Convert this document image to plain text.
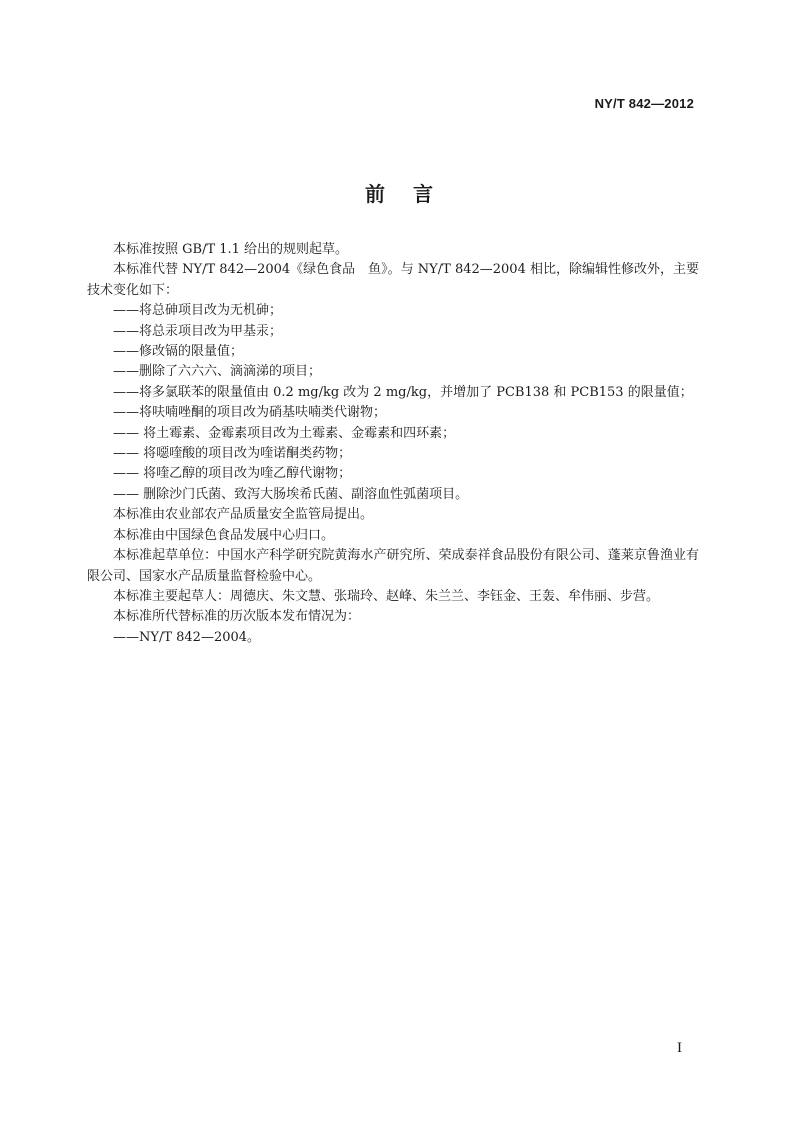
NY/T 842—2012
前言

本标准按照 GB/T 1.1 给出的规则起草。

本标准代替 NY/T 842—2004《绿色食品　鱼》。与 NY/T 842—2004 相比，除编辑性修改外，主要技术变化如下：

——将总砷项目改为无机砷；

——将总汞项目改为甲基汞；

——修改镉的限量值；

——删除了六六六、滴滴涕的项目；

——将多氯联苯的限量值由 0.2 mg/kg 改为 2 mg/kg，并增加了 PCB138 和 PCB153 的限量值；

——将呋喃唑酮的项目改为硝基呋喃类代谢物；

—— 将土霉素、金霉素项目改为土霉素、金霉素和四环素；

—— 将噁喹酸的项目改为喹诺酮类药物；

—— 将喹乙醇的项目改为喹乙醇代谢物；

—— 删除沙门氏菌、致泻大肠埃希氏菌、副溶血性弧菌项目。

本标准由农业部农产品质量安全监管局提出。

本标准由中国绿色食品发展中心归口。

本标准起草单位：中国水产科学研究院黄海水产研究所、荣成泰祥食品股份有限公司、蓬莱京鲁渔业有限公司、国家水产品质量监督检验中心。

本标准主要起草人：周德庆、朱文慧、张瑞玲、赵峰、朱兰兰、李钰金、王轰、牟伟丽、步营。

本标准所代替标准的历次版本发布情况为：

——NY/T 842—2004。

I
